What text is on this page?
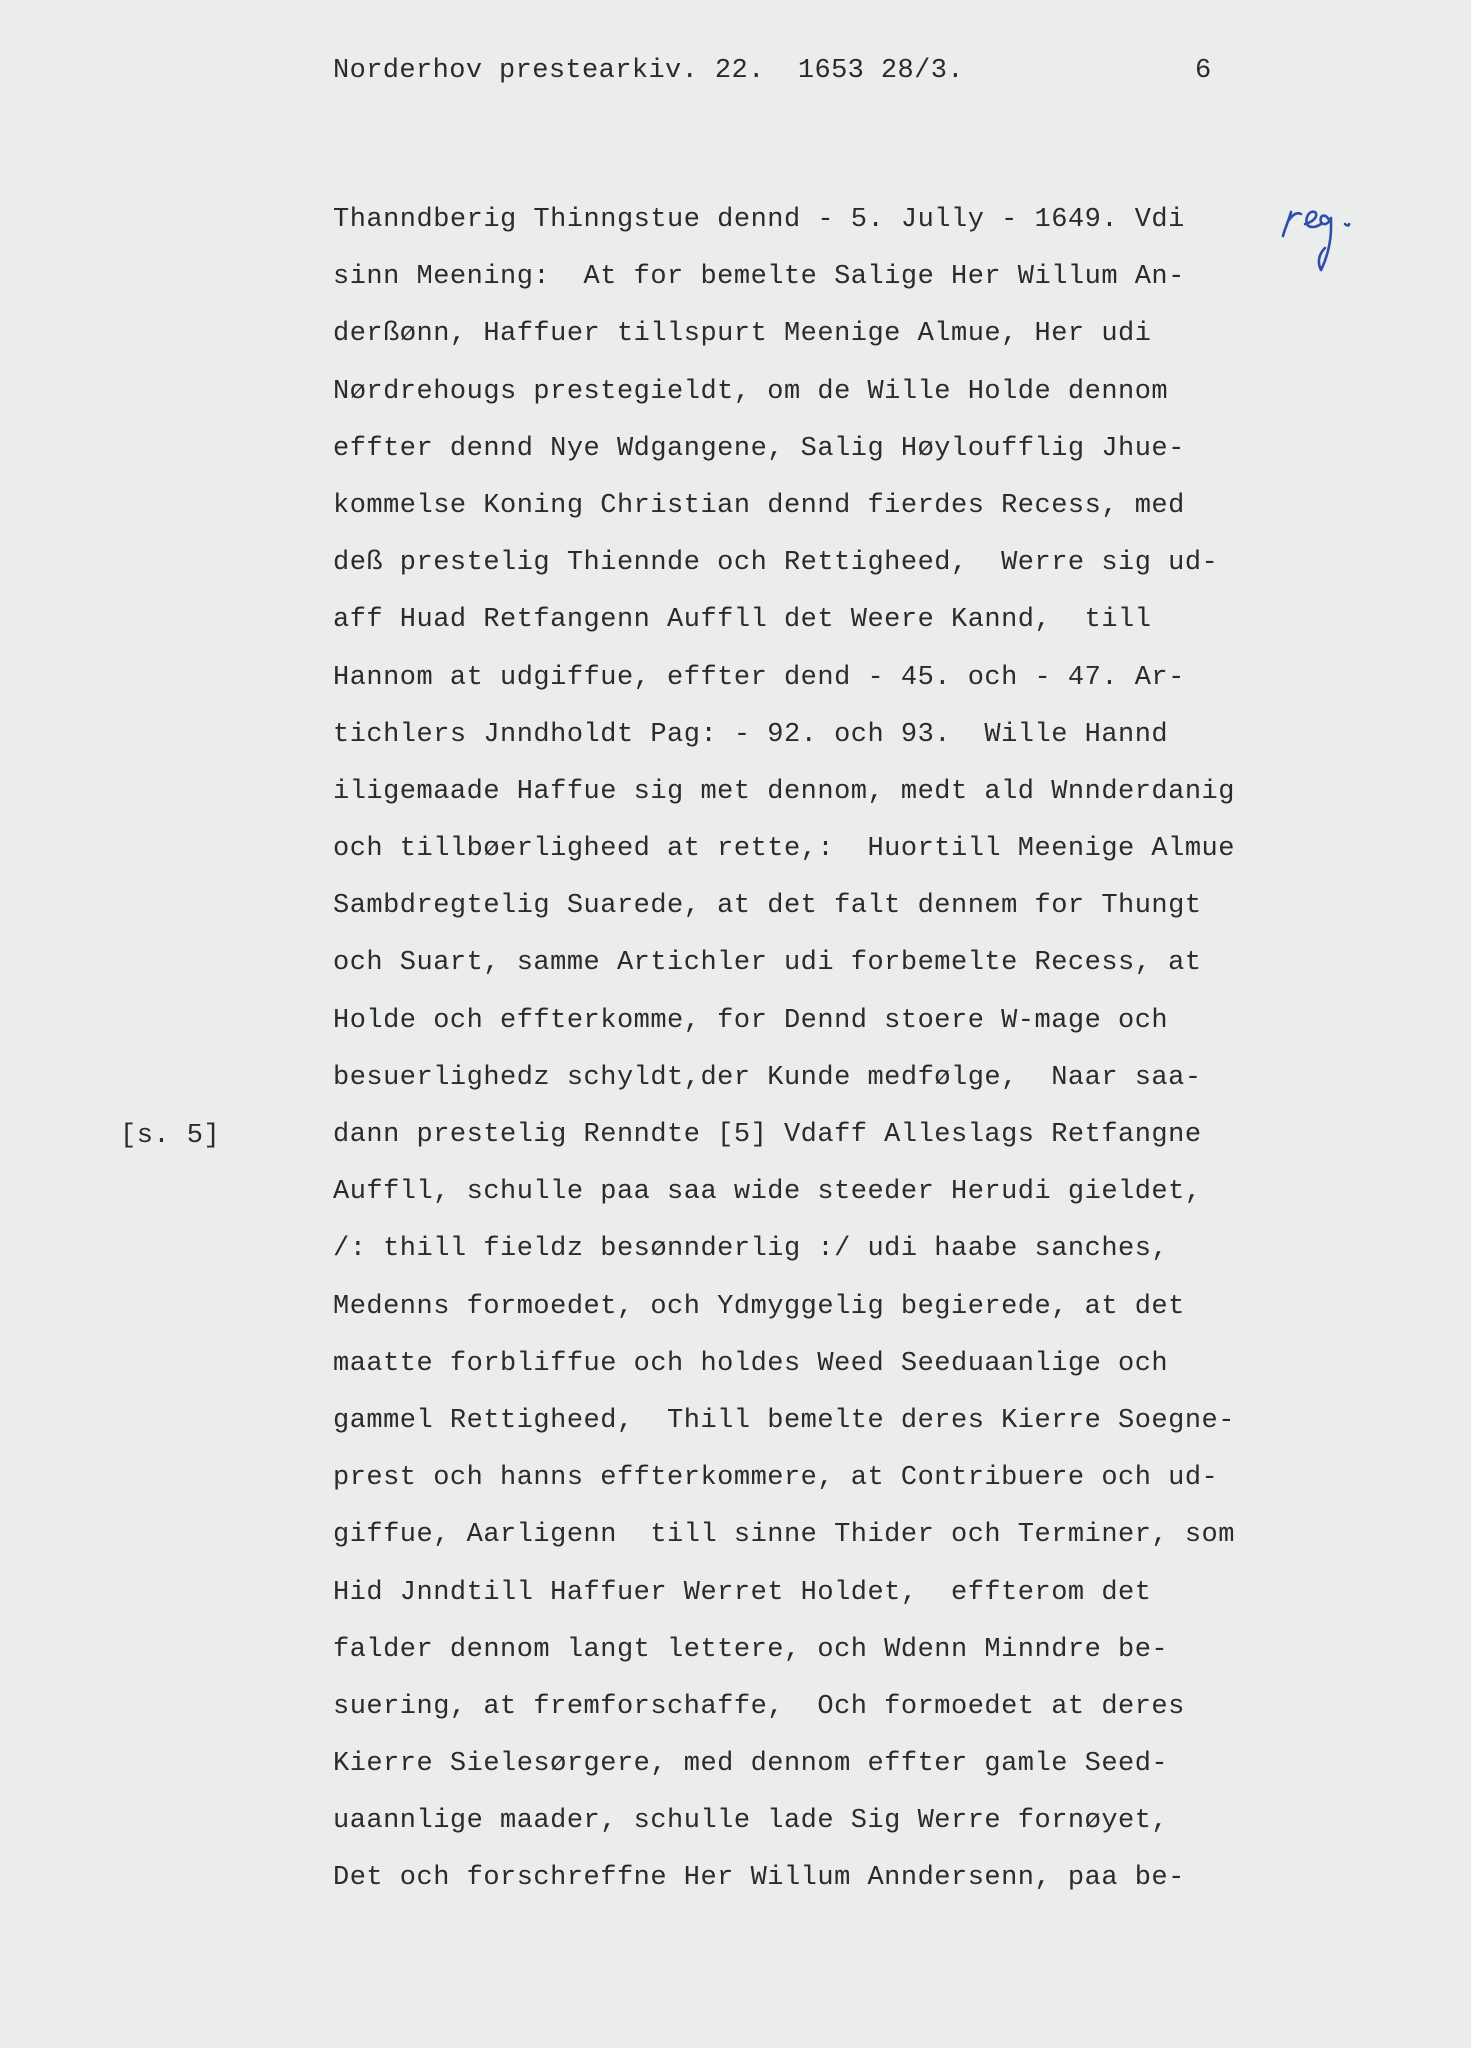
Norderhov prestearkiv. 22.  1653 28/3.	6
[s. 5]
Thanndberig Thinngstue dennd - 5. Jully - 1649. Vdi
sinn Meening:  At for bemelte Salige Her Willum An-
derßønn, Haffuer tillspurt Meenige Almue, Her udi
Nørdrehougs prestegieldt, om de Wille Holde dennom
effter dennd Nye Wdgangene, Salig Høyloufflig Jhue-
kommelse Koning Christian dennd fierdes Recess, med
deß prestelig Thiennde och Rettigheed,  Werre sig ud-
aff Huad Retfangenn Auffll det Weere Kannd,  till
Hannom at udgiffue, effter dend - 45. och - 47. Ar-
tichlers Jnndholdt Pag: - 92. och 93.  Wille Hannd
iligemaade Haffue sig met dennom, medt ald Wnnderdanig
och tillbøerligheed at rette,:  Huortill Meenige Almue
Sambdregtelig Suarede, at det falt dennem for Thungt
och Suart, samme Artichler udi forbemelte Recess, at
Holde och effterkomme, for Dennd stoere W-mage och
besuerlighedz schyldt,der Kunde medfølge,  Naar saa-
dann prestelig Renndte [5] Vdaff Alleslags Retfangne
Auffll, schulle paa saa wide steeder Herudi gieldet,
/: thill fieldz besønnderlig :/ udi haabe sanches,
Medenns formoedet, och Ydmyggelig begierede, at det
maatte forbliffue och holdes Weed Seeduaanlige och
gammel Rettigheed,  Thill bemelte deres Kierre Soegne-
prest och hanns effterkommere, at Contribuere och ud-
giffue, Aarligenn  till sinne Thider och Terminer, som
Hid Jnndtill Haffuer Werret Holdet,  effterom det
falder dennom langt lettere, och Wdenn Minndre be-
suering, at fremforschaffe,  Och formoedet at deres
Kierre Sielesørgere, med dennom effter gamle Seed-
uaannlige maader, schulle lade Sig Werre fornøyet,
Det och forschreffne Her Willum Anndersenn, paa be-
